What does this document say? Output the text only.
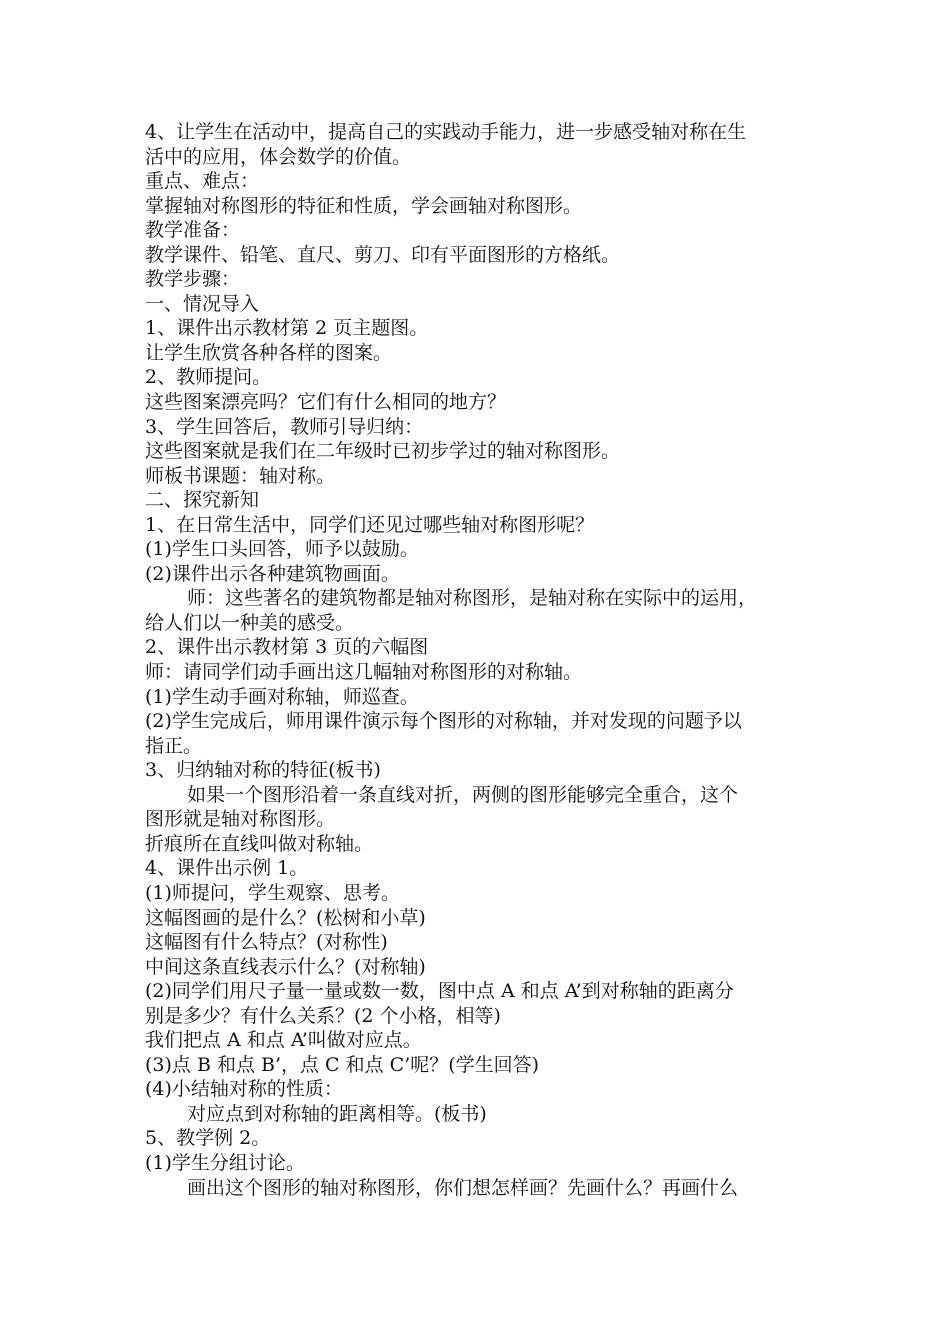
4、让学生在活动中，提高自己的实践动手能力，进一步感受轴对称在生
活中的应用，体会数学的价值。
重点、难点：
掌握轴对称图形的特征和性质，学会画轴对称图形。
教学准备：
教学课件、铅笔、直尺、剪刀、印有平面图形的方格纸。
教学步骤：
一、情况导入
1、课件出示教材第 2 页主题图。
让学生欣赏各种各样的图案。
2、教师提问。
这些图案漂亮吗？它们有什么相同的地方？
3、学生回答后，教师引导归纳：
这些图案就是我们在二年级时已初步学过的轴对称图形。
师板书课题：轴对称。
二、探究新知
1、在日常生活中，同学们还见过哪些轴对称图形呢？
(1)学生口头回答，师予以鼓励。
(2)课件出示各种建筑物画面。
师：这些著名的建筑物都是轴对称图形，是轴对称在实际中的运用，
给人们以一种美的感受。
2、课件出示教材第 3 页的六幅图
师：请同学们动手画出这几幅轴对称图形的对称轴。
(1)学生动手画对称轴，师巡查。
(2)学生完成后，师用课件演示每个图形的对称轴，并对发现的问题予以
指正。
3、归纳轴对称的特征(板书)
如果一个图形沿着一条直线对折，两侧的图形能够完全重合，这个
图形就是轴对称图形。
折痕所在直线叫做对称轴。
4、课件出示例 1。
(1)师提问，学生观察、思考。
这幅图画的是什么？(松树和小草)
这幅图有什么特点？(对称性)
中间这条直线表示什么？(对称轴)
(2)同学们用尺子量一量或数一数，图中点 A 和点 A’到对称轴的距离分
别是多少？有什么关系？(2 个小格，相等)
我们把点 A 和点 A’叫做对应点。
(3)点 B 和点 B’，点 C 和点 C’呢？(学生回答)
(4)小结轴对称的性质：
对应点到对称轴的距离相等。(板书)
5、教学例 2。
(1)学生分组讨论。
画出这个图形的轴对称图形，你们想怎样画？先画什么？再画什么
